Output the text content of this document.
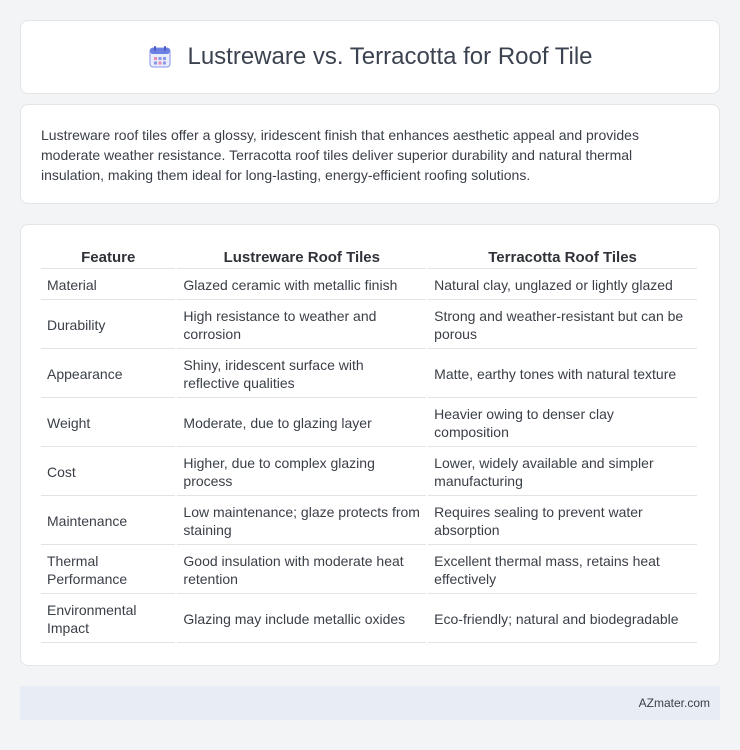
Lustreware vs. Terracotta for Roof Tile

Lustreware roof tiles offer a glossy, iridescent finish that enhances aesthetic appeal and provides moderate weather resistance. Terracotta roof tiles deliver superior durability and natural thermal insulation, making them ideal for long-lasting, energy-efficient roofing solutions.

Feature	Lustreware Roof Tiles	Terracotta Roof Tiles
Material	Glazed ceramic with metallic finish	Natural clay, unglazed or lightly glazed
Durability	High resistance to weather and corrosion	Strong and weather-resistant but can be porous
Appearance	Shiny, iridescent surface with reflective qualities	Matte, earthy tones with natural texture
Weight	Moderate, due to glazing layer	Heavier owing to denser clay composition
Cost	Higher, due to complex glazing process	Lower, widely available and simpler manufacturing
Maintenance	Low maintenance; glaze protects from staining	Requires sealing to prevent water absorption
Thermal Performance	Good insulation with moderate heat retention	Excellent thermal mass, retains heat effectively
Environmental Impact	Glazing may include metallic oxides	Eco-friendly; natural and biodegradable
AZmater.com
